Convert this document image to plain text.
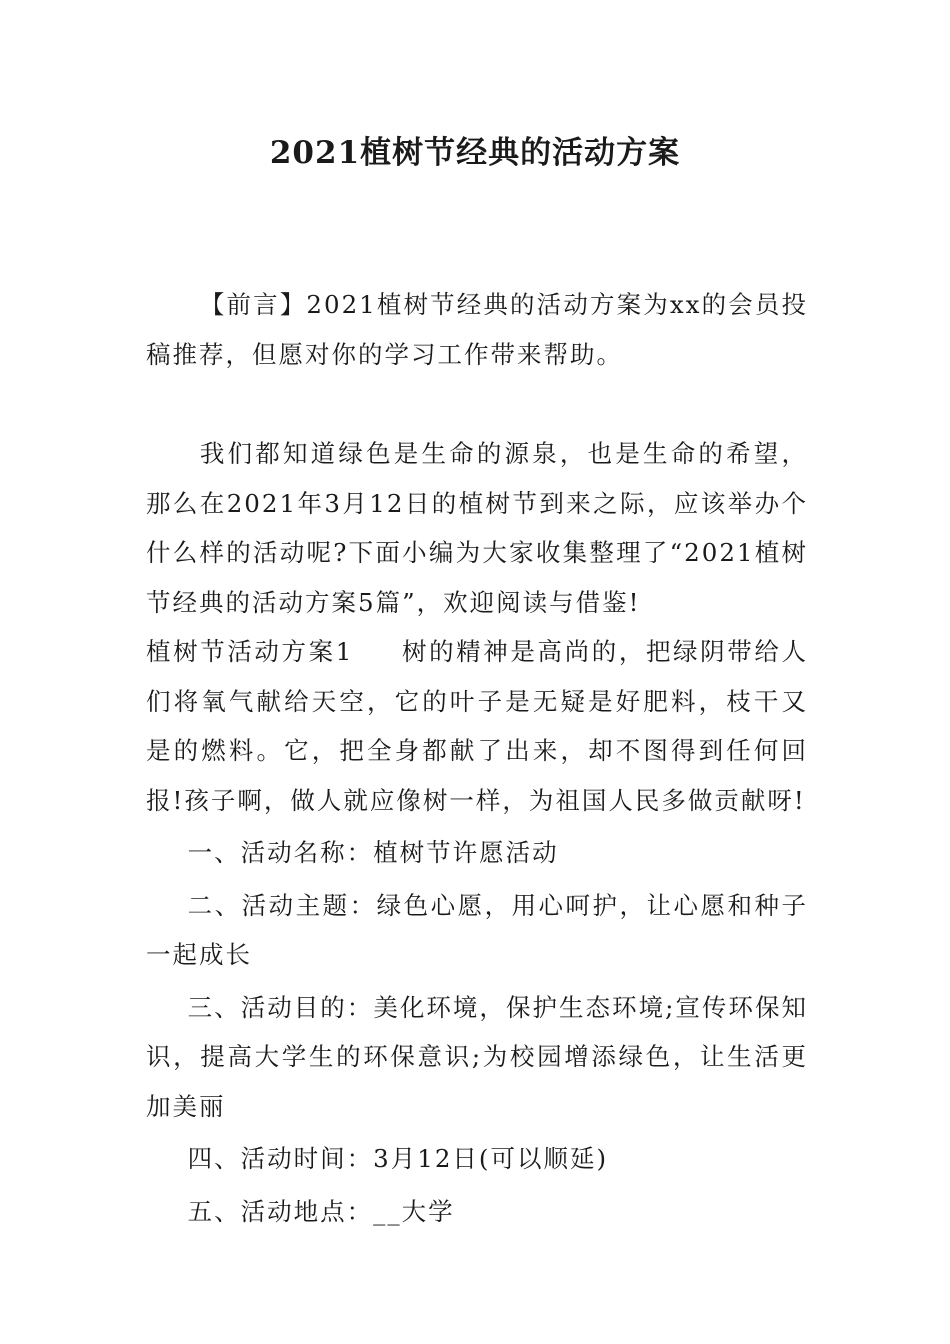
2021植树节经典的活动方案

【前言】2021植树节经典的活动方案为xx的会员投稿推荐，但愿对你的学习工作带来帮助。

我们都知道绿色是生命的源泉，也是生命的希望，那么在2021年3月12日的植树节到来之际，应该举办个什么样的活动呢?下面小编为大家收集整理了“2021植树节经典的活动方案5篇”，欢迎阅读与借鉴!

植树节活动方案1 树的精神是高尚的，把绿阴带给人们将氧气献给天空，它的叶子是无疑是好肥料，枝干又是的燃料。它，把全身都献了出来，却不图得到任何回报!孩子啊，做人就应像树一样，为祖国人民多做贡献呀!

一、活动名称：植树节许愿活动

二、活动主题：绿色心愿，用心呵护，让心愿和种子一起成长

三、活动目的：美化环境，保护生态环境;宣传环保知识，提高大学生的环保意识;为校园增添绿色，让生活更加美丽

四、活动时间：3月12日(可以顺延)

五、活动地点：__大学
